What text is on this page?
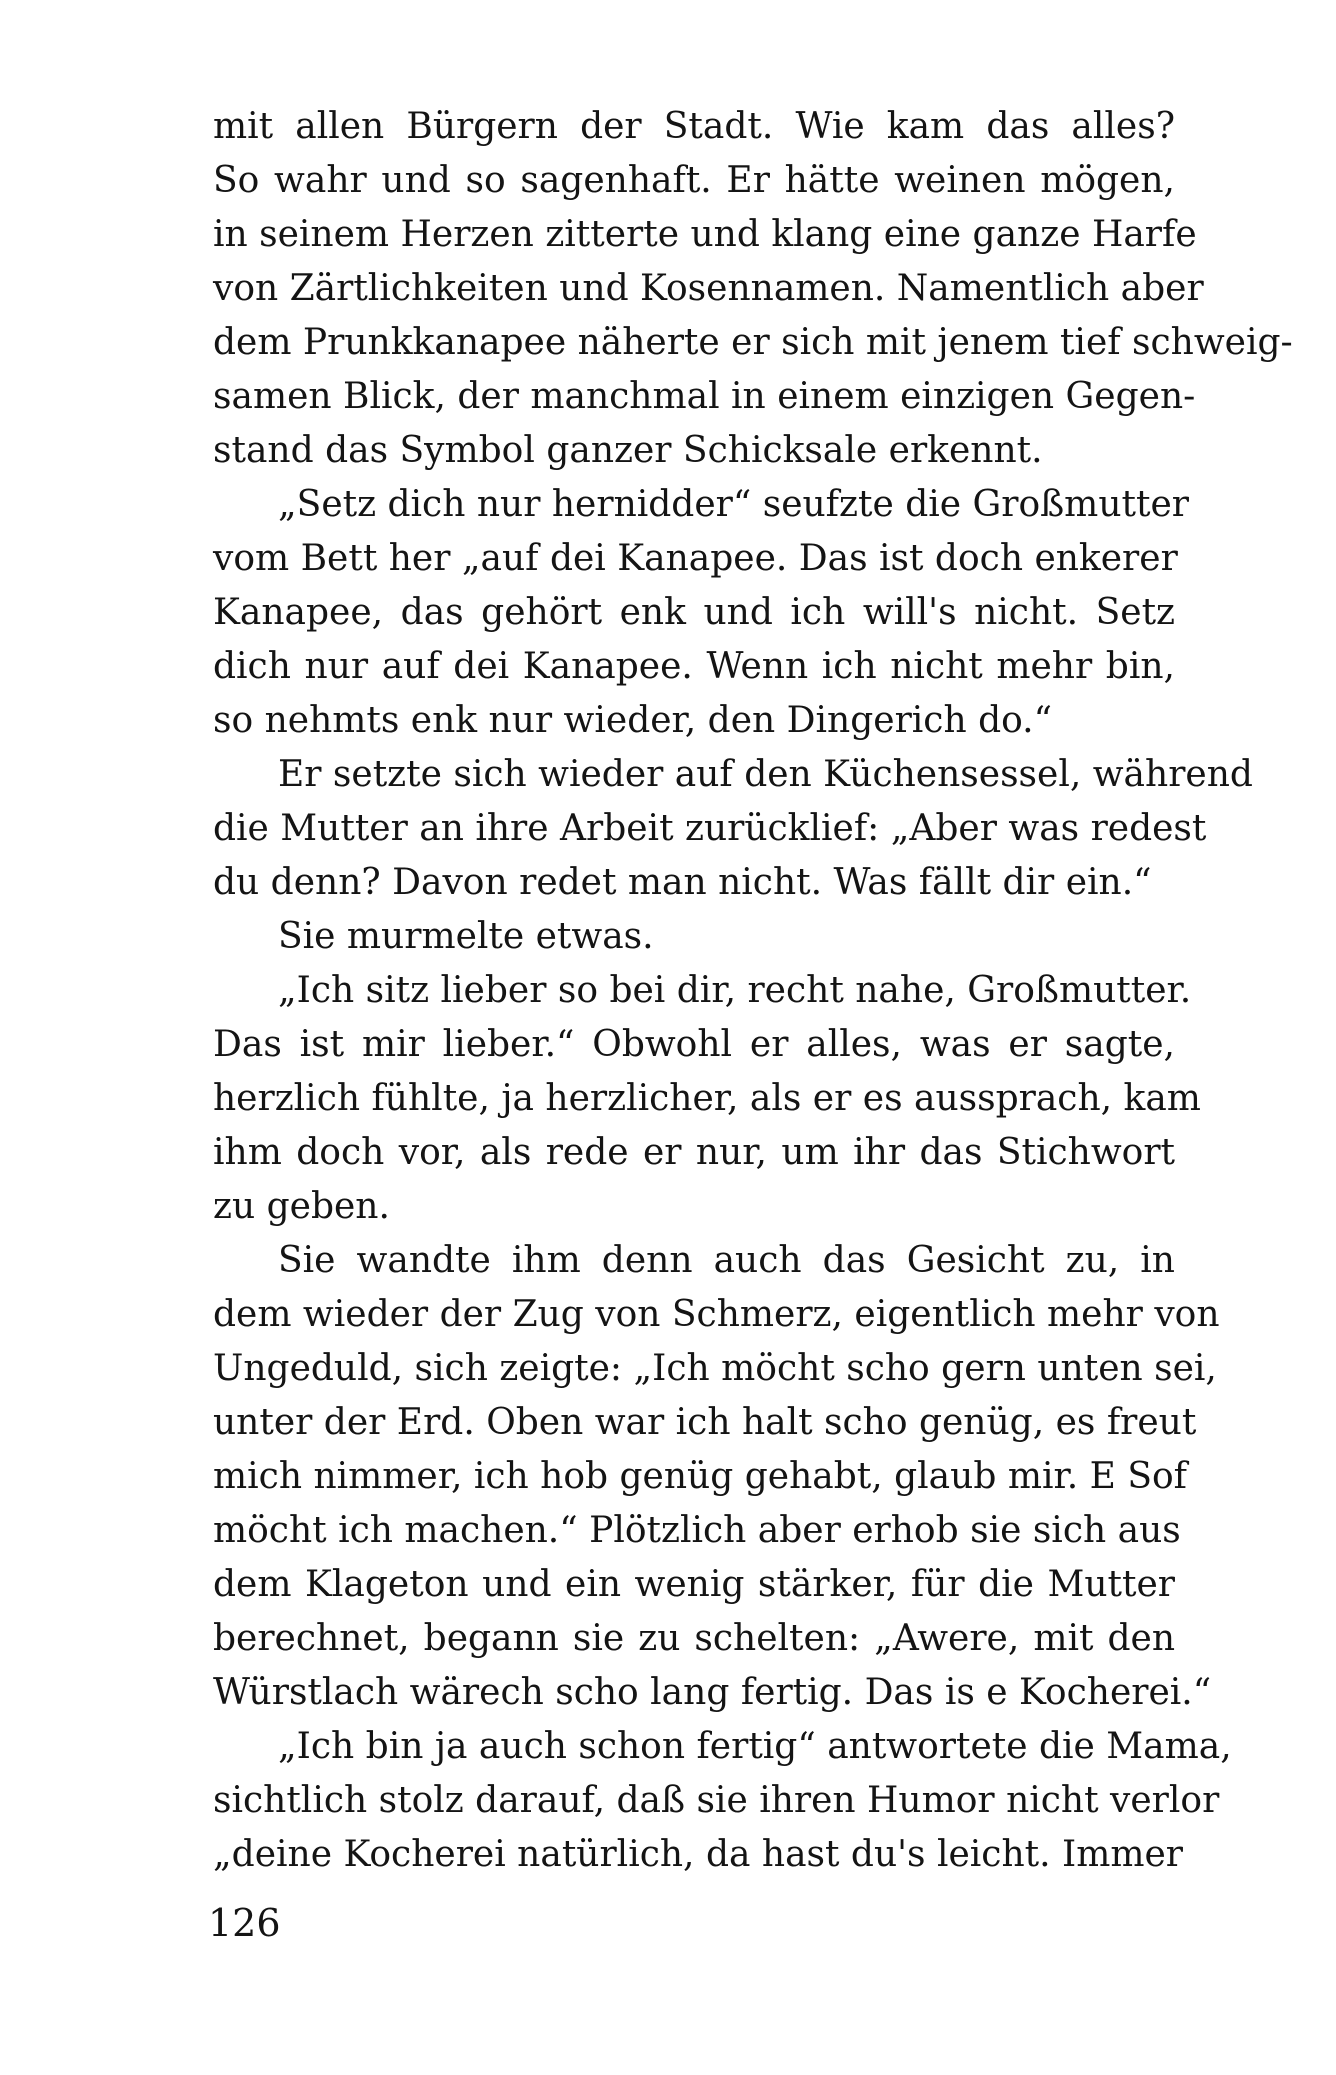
mit allen Bürgern der Stadt. Wie kam das alles?
So wahr und so sagenhaft. Er hätte weinen mögen,
in seinem Herzen zitterte und klang eine ganze Harfe
von Zärtlichkeiten und Kosennamen. Namentlich aber
dem Prunkkanapee näherte er sich mit jenem tief schweig-
samen Blick, der manchmal in einem einzigen Gegen-
stand das Symbol ganzer Schicksale erkennt.
„Setz dich nur hernidder“ seufzte die Großmutter
vom Bett her „auf dei Kanapee. Das ist doch enkerer
Kanapee, das gehört enk und ich will's nicht. Setz
dich nur auf dei Kanapee. Wenn ich nicht mehr bin,
so nehmts enk nur wieder, den Dingerich do.“
Er setzte sich wieder auf den Küchensessel, während
die Mutter an ihre Arbeit zurücklief: „Aber was redest
du denn? Davon redet man nicht. Was fällt dir ein.“
Sie murmelte etwas.
„Ich sitz lieber so bei dir, recht nahe, Großmutter.
Das ist mir lieber.“ Obwohl er alles, was er sagte,
herzlich fühlte, ja herzlicher, als er es aussprach, kam
ihm doch vor, als rede er nur, um ihr das Stichwort
zu geben.
Sie wandte ihm denn auch das Gesicht zu, in
dem wieder der Zug von Schmerz, eigentlich mehr von
Ungeduld, sich zeigte: „Ich möcht scho gern unten sei,
unter der Erd. Oben war ich halt scho genüg, es freut
mich nimmer, ich hob genüg gehabt, glaub mir. E Sof
möcht ich machen.“ Plötzlich aber erhob sie sich aus
dem Klageton und ein wenig stärker, für die Mutter
berechnet, begann sie zu schelten: „Awere, mit den
Würstlach wärech scho lang fertig. Das is e Kocherei.“
„Ich bin ja auch schon fertig“ antwortete die Mama,
sichtlich stolz darauf, daß sie ihren Humor nicht verlor
„deine Kocherei natürlich, da hast du's leicht. Immer
126
